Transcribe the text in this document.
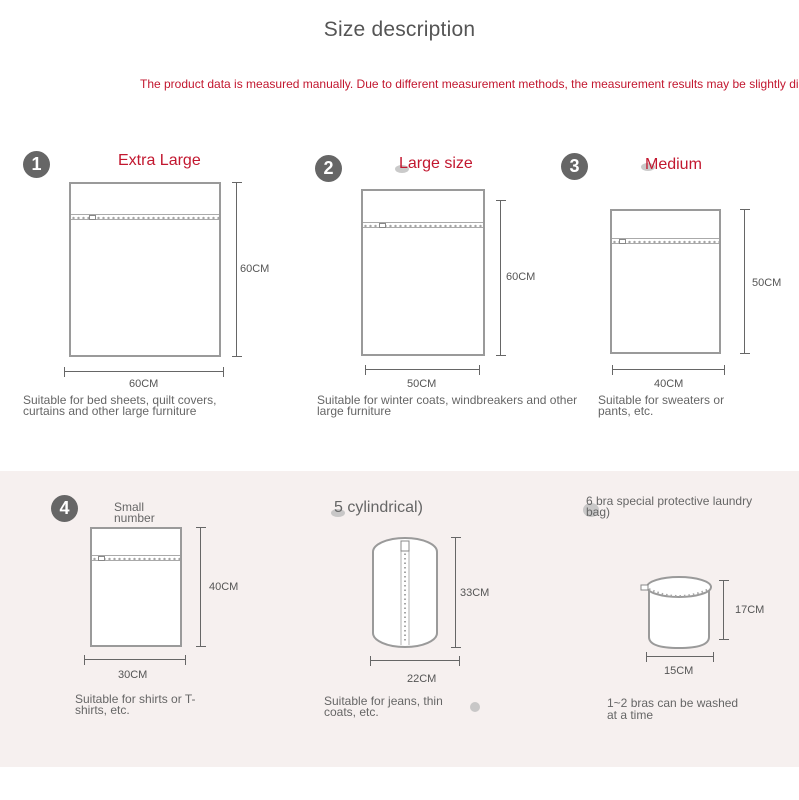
Size description
The product data is measured manually. Due to different measurement methods, the measurement results may be slightly di
1	Extra Large
60CM
60CM
Suitable for bed sheets, quilt covers, curtains and other large furniture
2	Large size
60CM
50CM
Suitable for winter coats, windbreakers and other large furniture
3	Medium
50CM
40CM
Suitable for sweaters or pants, etc.
4	Small number
40CM
30CM
Suitable for shirts or T-shirts, etc.
5 cylindrical)
33CM
22CM
Suitable for jeans, thin coats, etc.
6 bra special protective laundry bag)
17CM
15CM
1~2 bras can be washed at a time
